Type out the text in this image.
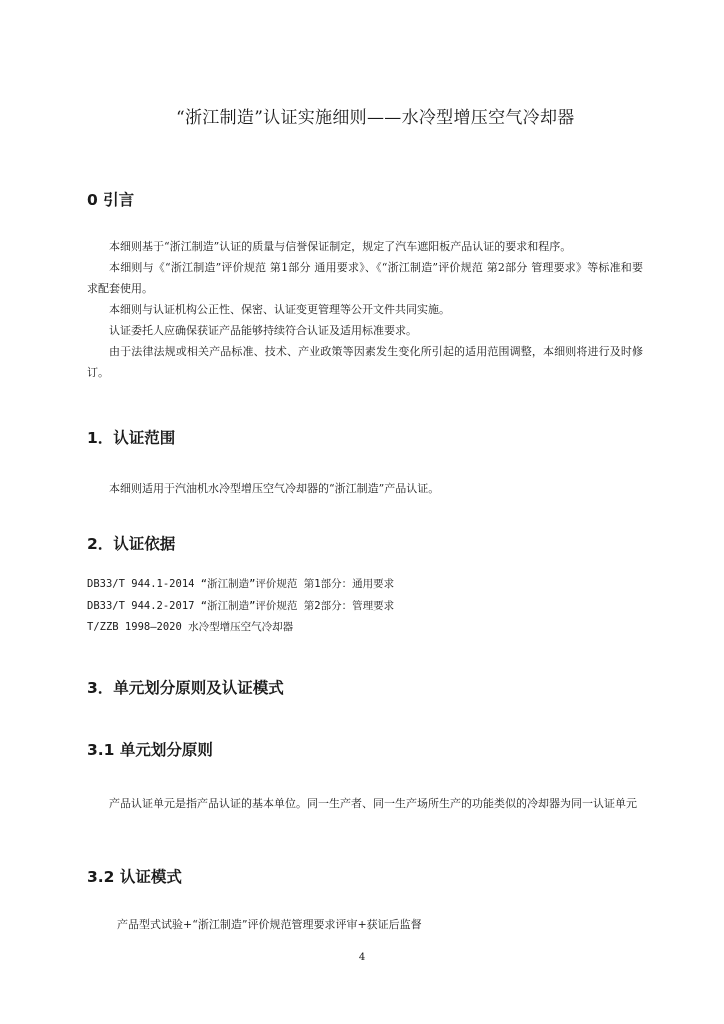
“浙江制造”认证实施细则——水冷型增压空气冷却器
0 引言
本细则基于“浙江制造”认证的质量与信誉保证制定，规定了汽车遮阳板产品认证的要求和程序。
本细则与《“浙江制造”评价规范 第1部分 通用要求》、《“浙江制造”评价规范 第2部分 管理要求》等标准和要求配套使用。
本细则与认证机构公正性、保密、认证变更管理等公开文件共同实施。
认证委托人应确保获证产品能够持续符合认证及适用标准要求。
由于法律法规或相关产品标准、技术、产业政策等因素发生变化所引起的适用范围调整，本细则将进行及时修订。
1．认证范围
本细则适用于汽油机水冷型增压空气冷却器的“浙江制造”产品认证。
2．认证依据
DB33/T 944.1-2014 “浙江制造”评价规范 第1部分：通用要求
DB33/T 944.2-2017 “浙江制造”评价规范 第2部分：管理要求
T/ZZB 1998—2020 水冷型增压空气冷却器
3．单元划分原则及认证模式
3.1 单元划分原则
产品认证单元是指产品认证的基本单位。同一生产者、同一生产场所生产的功能类似的冷却器为同一认证单元
3.2 认证模式
产品型式试验+“浙江制造”评价规范管理要求评审+获证后监督
4
